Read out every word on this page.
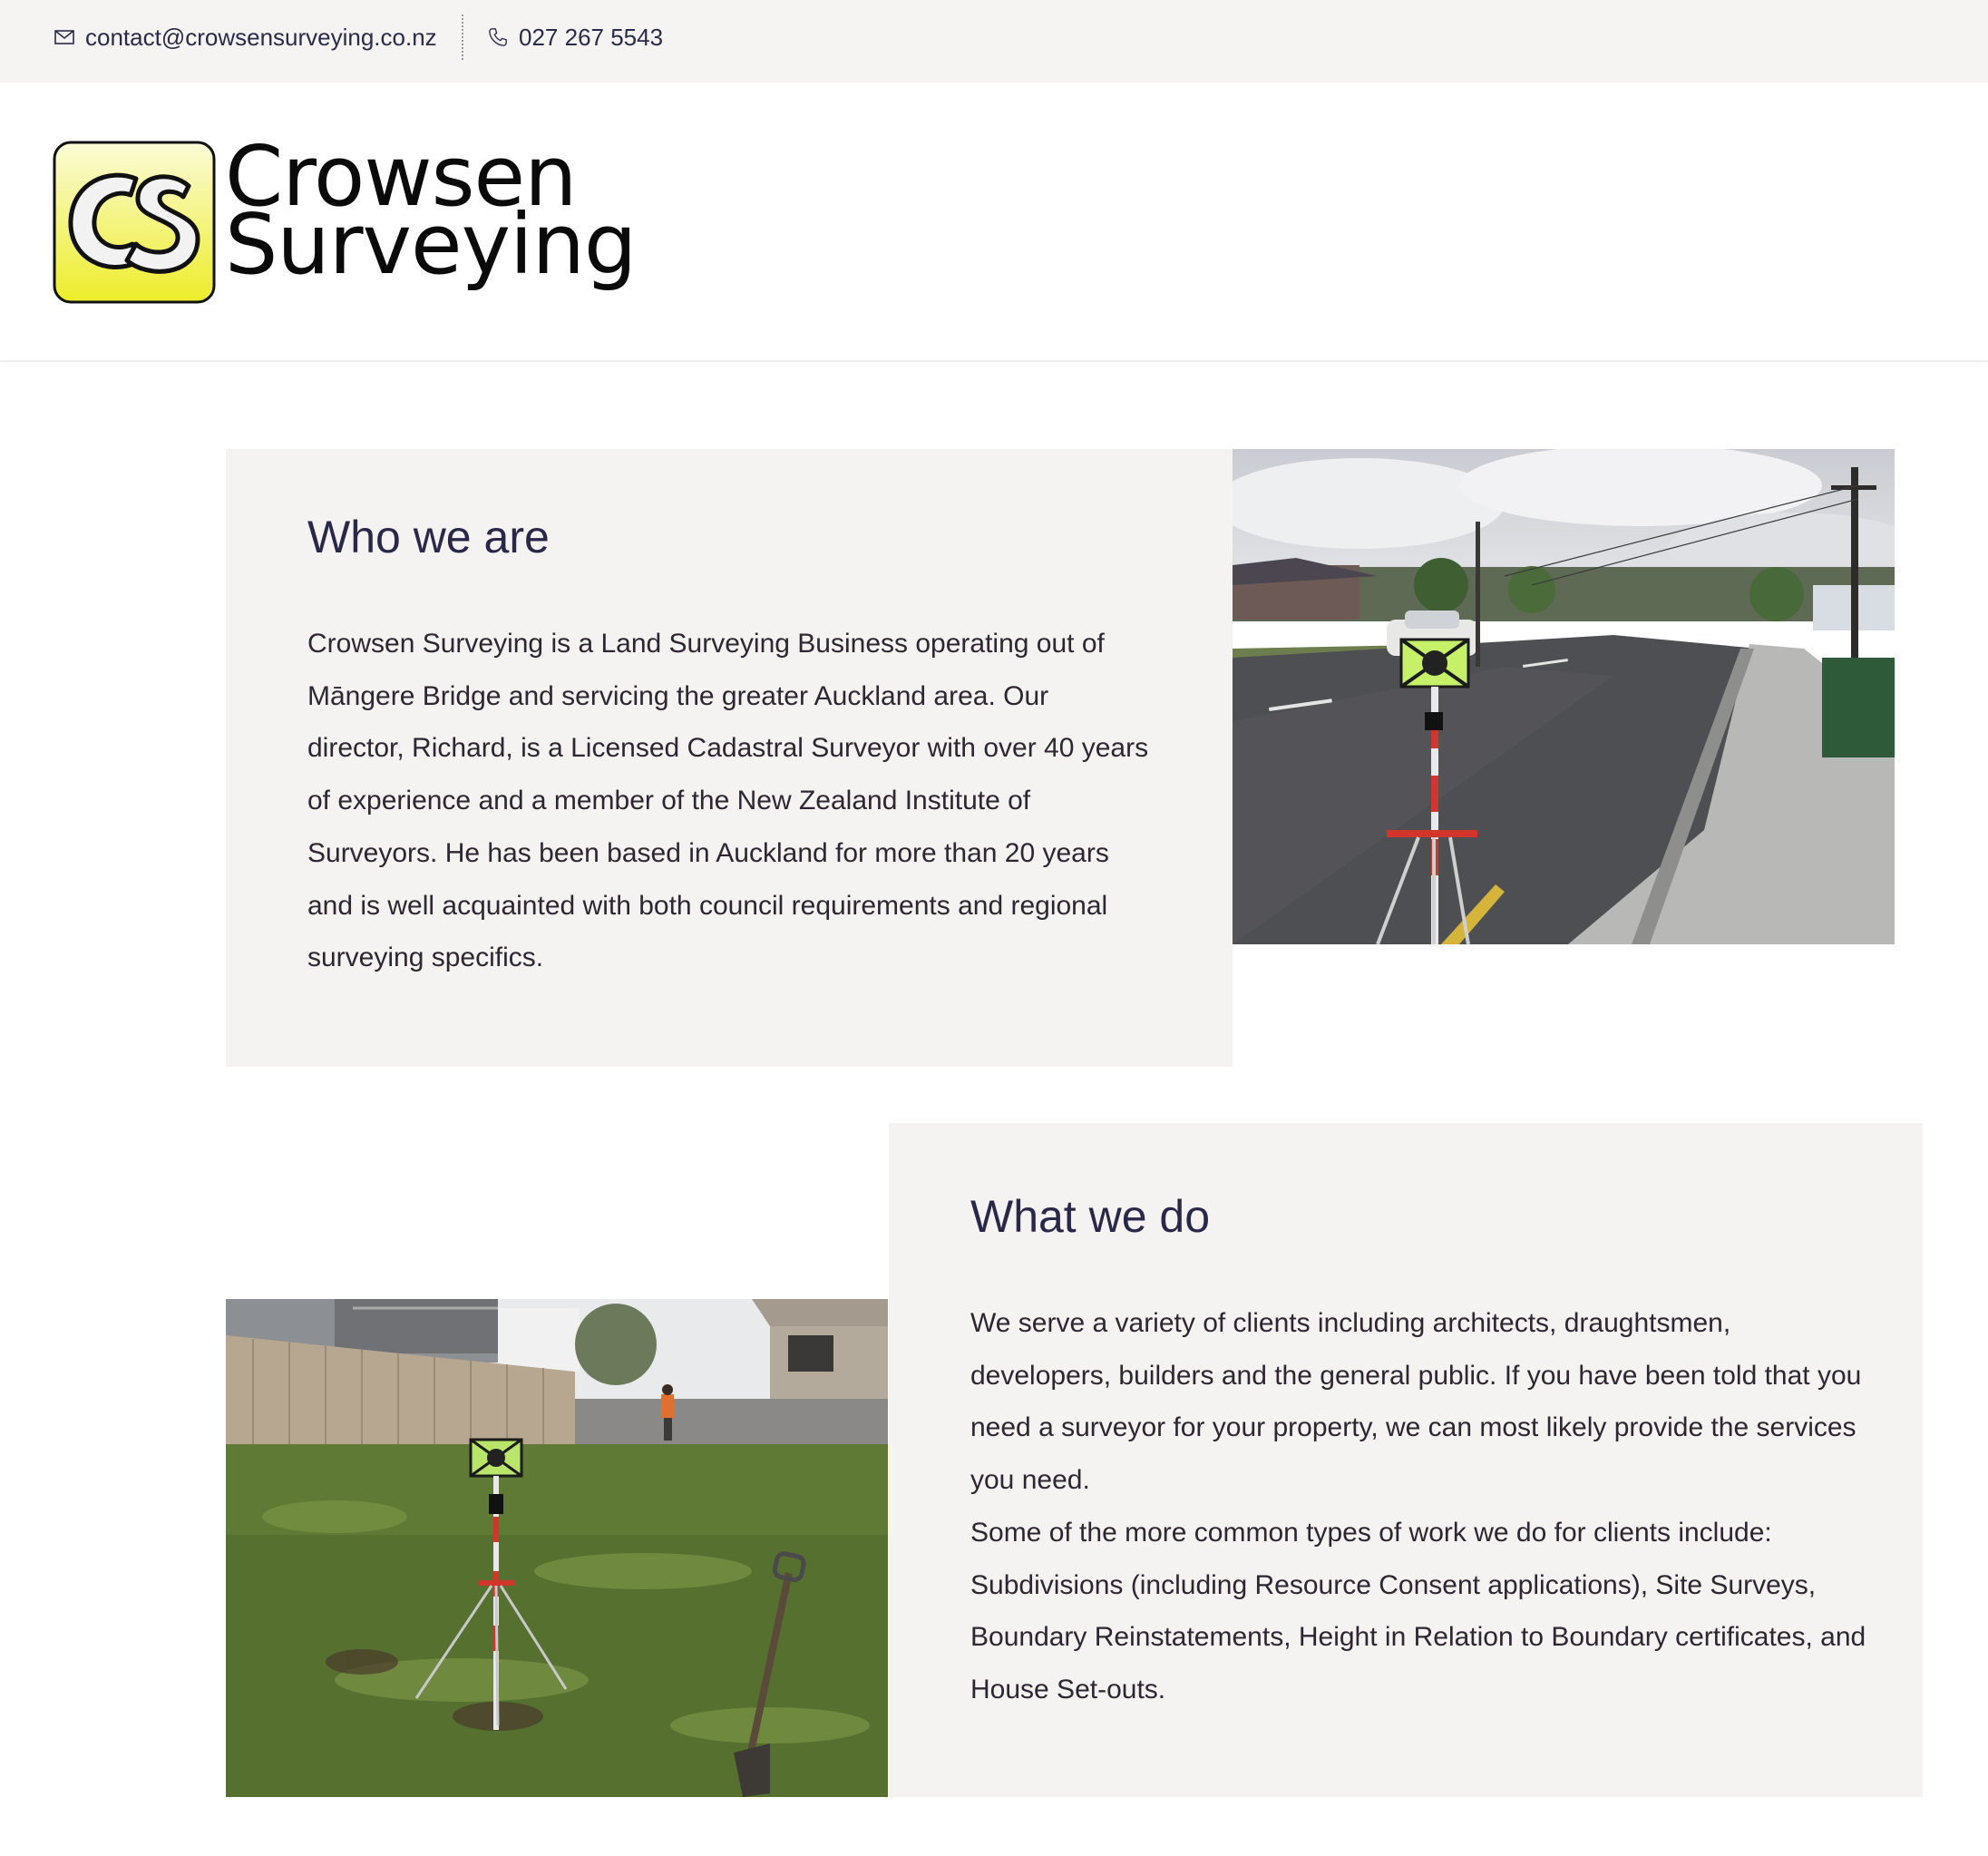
contact@crowsensurveying.co.nz	027 267 5543
Crowsen
Surveying
Who we are

Crowsen Surveying is a Land Surveying Business operating out of Māngere Bridge and servicing the greater Auckland area. Our director, Richard, is a Licensed Cadastral Surveyor with over 40 years of experience and a member of the New Zealand Institute of Surveyors. He has been based in Auckland for more than 20 years and is well acquainted with both council requirements and regional surveying specifics.

What we do

We serve a variety of clients including architects, draughtsmen, developers, builders and the general public. If you have been told that you need a surveyor for your property, we can most likely provide the services you need.

Some of the more common types of work we do for clients include: Subdivisions (including Resource Consent applications), Site Surveys, Boundary Reinstatements, Height in Relation to Boundary certificates, and House Set-outs.
